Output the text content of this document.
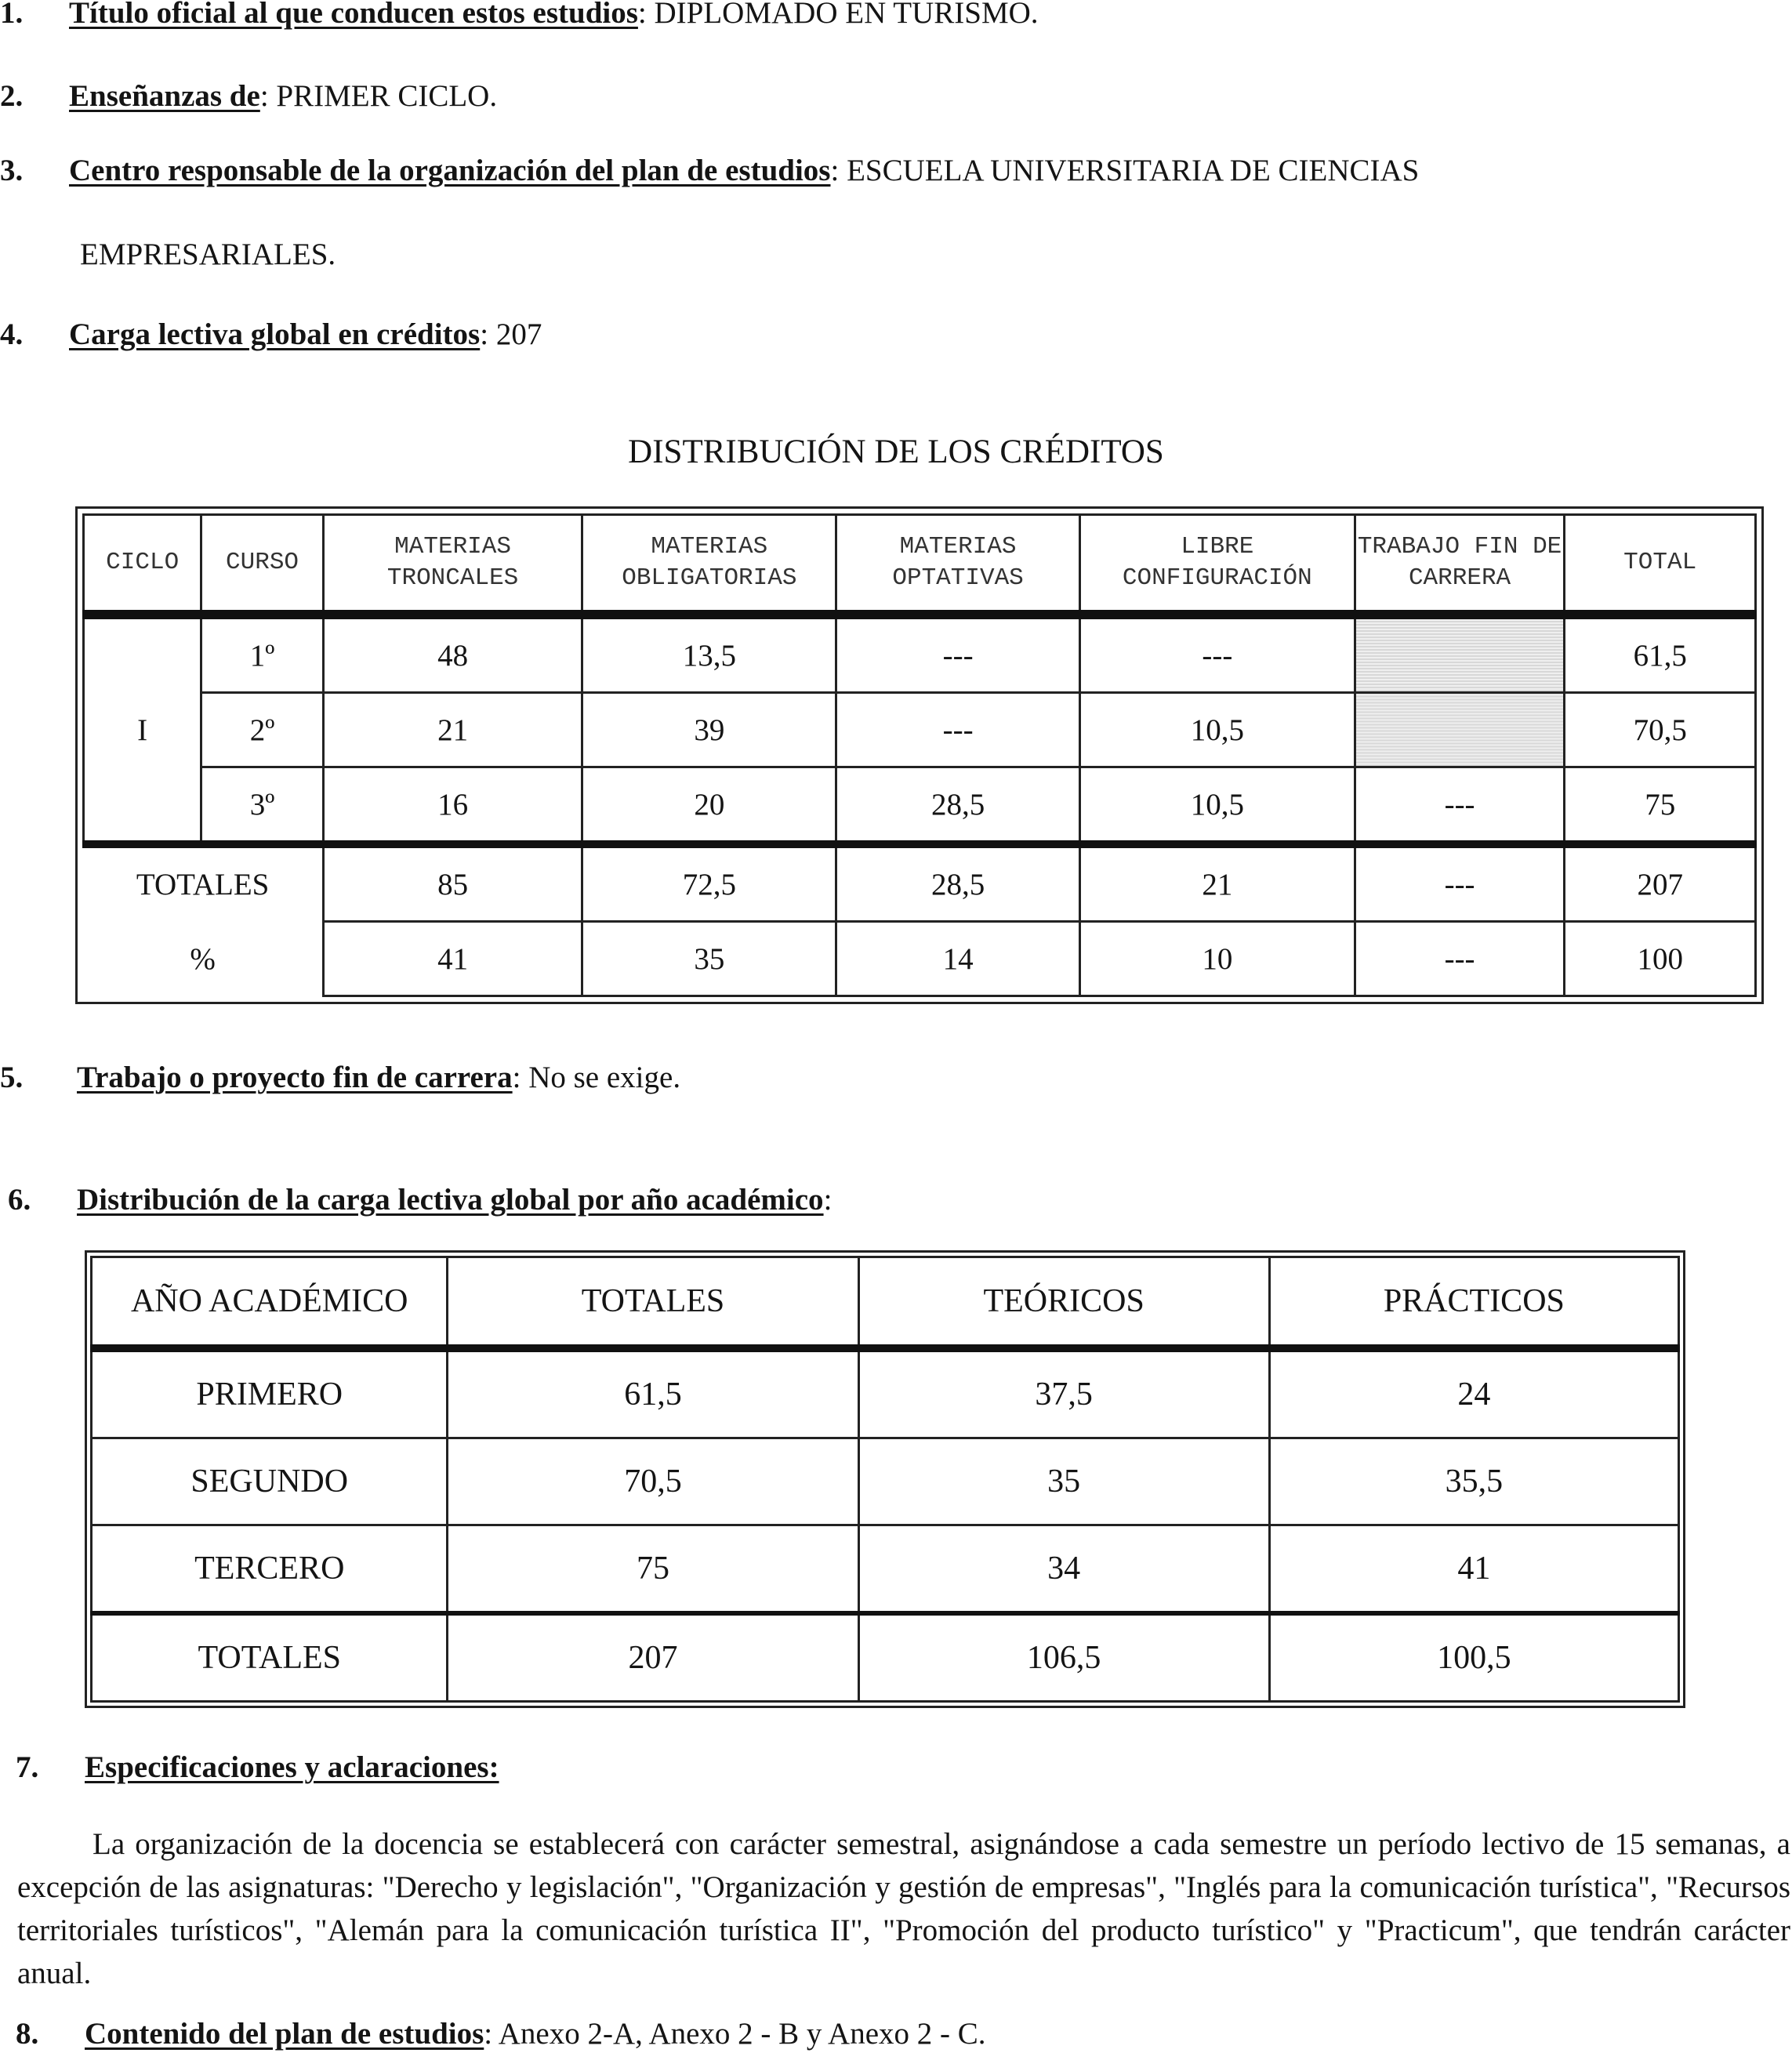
1. Título oficial al que conducen estos estudios: DIPLOMADO EN TURISMO.
2. Enseñanzas de: PRIMER CICLO.
3. Centro responsable de la organización del plan de estudios: ESCUELA UNIVERSITARIA DE CIENCIAS
EMPRESARIALES.
4. Carga lectiva global en créditos: 207
DISTRIBUCIÓN DE LOS CRÉDITOS
CICLO	CURSO	MATERIAS TRONCALES	MATERIAS OBLIGATORIAS	MATERIAS OPTATIVAS	LIBRE CONFIGURACIÓN	TRABAJO FIN DE CARRERA	TOTAL
I	1º	48	13,5	---	---		61,5
	2º	21	39	---	10,5		70,5
	3º	16	20	28,5	10,5	---	75
TOTALES		85	72,5	28,5	21	---	207
%		41	35	14	10	---	100
5. Trabajo o proyecto fin de carrera: No se exige.
6. Distribución de la carga lectiva global por año académico:
AÑO ACADÉMICO	TOTALES	TEÓRICOS	PRÁCTICOS
PRIMERO	61,5	37,5	24
SEGUNDO	70,5	35	35,5
TERCERO	75	34	41
TOTALES	207	106,5	100,5
7. Especificaciones y aclaraciones:
La organización de la docencia se establecerá con carácter semestral, asignándose a cada semestre un período lectivo de 15 semanas, a excepción de las asignaturas: "Derecho y legislación", "Organización y gestión de empresas", "Inglés para la comunicación turística", "Recursos territoriales turísticos", "Alemán para la comunicación turística II", "Promoción del producto turístico" y "Practicum", que tendrán carácter anual.
8. Contenido del plan de estudios: Anexo 2-A, Anexo 2 - B y Anexo 2 - C.
